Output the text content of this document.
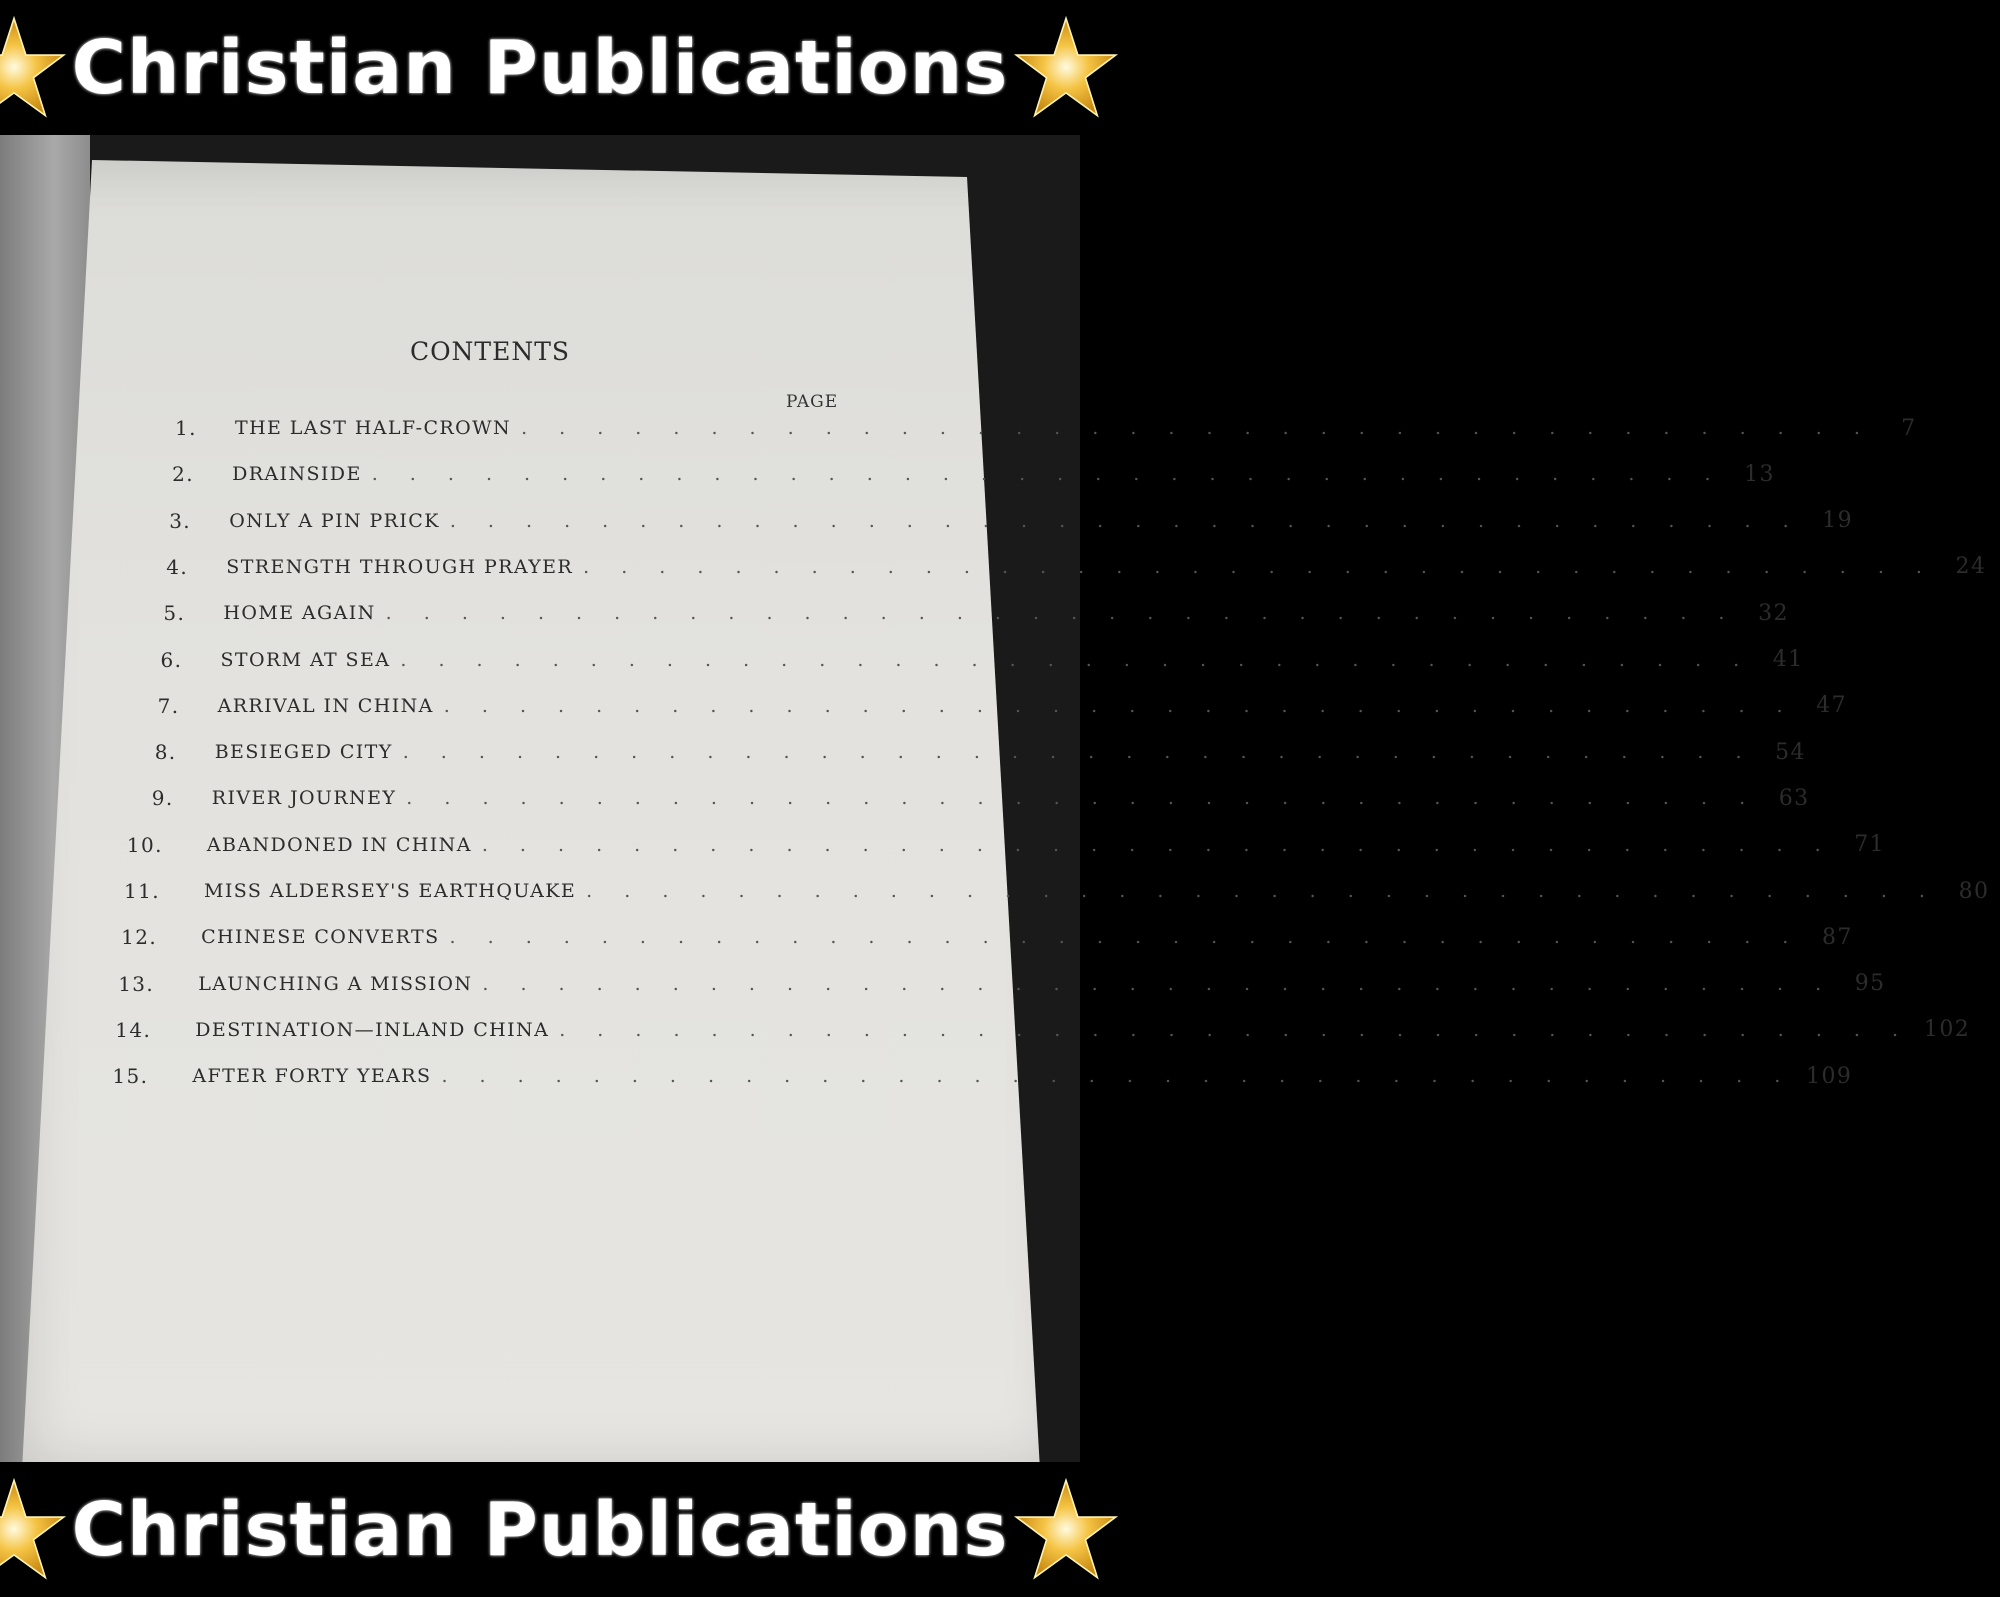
Christian Publications
CONTENTS
PAGE
1.	THE LAST HALF-CROWN . . . . . . . . . . . . . . . . . . . . . . . . . . . . . . . . . . . .	7
2.	DRAINSIDE . . . . . . . . . . . . . . . . . . . . . . . . . . . . . . . . . . . . 13
3.	ONLY A PIN PRICK . . . . . . . . . . . . . . . . . . . . . . . . . . . . . . . . . . . . 19
4.	STRENGTH THROUGH PRAYER . . . . . . . . . . . . . . . . . . . . . . . . . . . . . . . . . . . . 24
5.	HOME AGAIN . . . . . . . . . . . . . . . . . . . . . . . . . . . . . . . . . . . . 32
6.	STORM AT SEA . . . . . . . . . . . . . . . . . . . . . . . . . . . . . . . . . . . . 41
7.	ARRIVAL IN CHINA . . . . . . . . . . . . . . . . . . . . . . . . . . . . . . . . . . . . 47
8.	BESIEGED CITY . . . . . . . . . . . . . . . . . . . . . . . . . . . . . . . . . . . . 54
9.	RIVER JOURNEY . . . . . . . . . . . . . . . . . . . . . . . . . . . . . . . . . . . . 63
10.	ABANDONED IN CHINA . . . . . . . . . . . . . . . . . . . . . . . . . . . . . . . . . . . . 71
11.	MISS ALDERSEY'S EARTHQUAKE . . . . . . . . . . . . . . . . . . . . . . . . . . . . . . . . . . . . 80
12.	CHINESE CONVERTS . . . . . . . . . . . . . . . . . . . . . . . . . . . . . . . . . . . . 87
13.	LAUNCHING A MISSION . . . . . . . . . . . . . . . . . . . . . . . . . . . . . . . . . . . . 95
14.	DESTINATION—INLAND CHINA . . . . . . . . . . . . . . . . . . . . . . . . . . . . . . . . . . . . 102
15.	AFTER FORTY YEARS . . . . . . . . . . . . . . . . . . . . . . . . . . . . . . . . . . . . 109
Christian Publications
